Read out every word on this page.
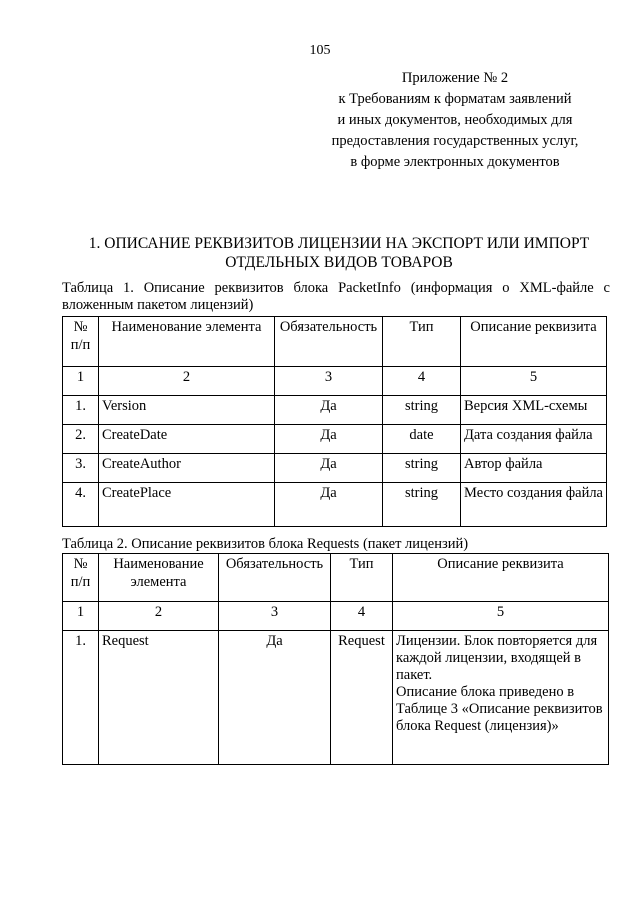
105
Приложение № 2
к Требованиям к форматам заявлений
и иных документов, необходимых для
предоставления государственных услуг,
в форме электронных документов
1. ОПИСАНИЕ РЕКВИЗИТОВ ЛИЦЕНЗИИ НА ЭКСПОРТ ИЛИ ИМПОРТ
ОТДЕЛЬНЫХ ВИДОВ ТОВАРОВ
Таблица 1. Описание реквизитов блока PacketInfo (информация о XML-файле с вложенным пакетом лицензий)
№ п/п	Наименование элемента	Обязательность	Тип	Описание реквизита
1	2	3	4	5
1.	Version	Да	string	Версия XML-схемы
2.	CreateDate	Да	date	Дата создания файла
3.	CreateAuthor	Да	string	Автор файла
4.	CreatePlace	Да	string	Место создания файла
Таблица 2. Описание реквизитов блока Requests (пакет лицензий)
№ п/п	Наименование элемента	Обязательность	Тип	Описание реквизита
1	2	3	4	5
1.	Request	Да	Request	Лицензии. Блок повторяется для каждой лицензии, входящей в пакет.
Описание блока приведено в Таблице 3 «Описание реквизитов блока Request (лицензия)»
